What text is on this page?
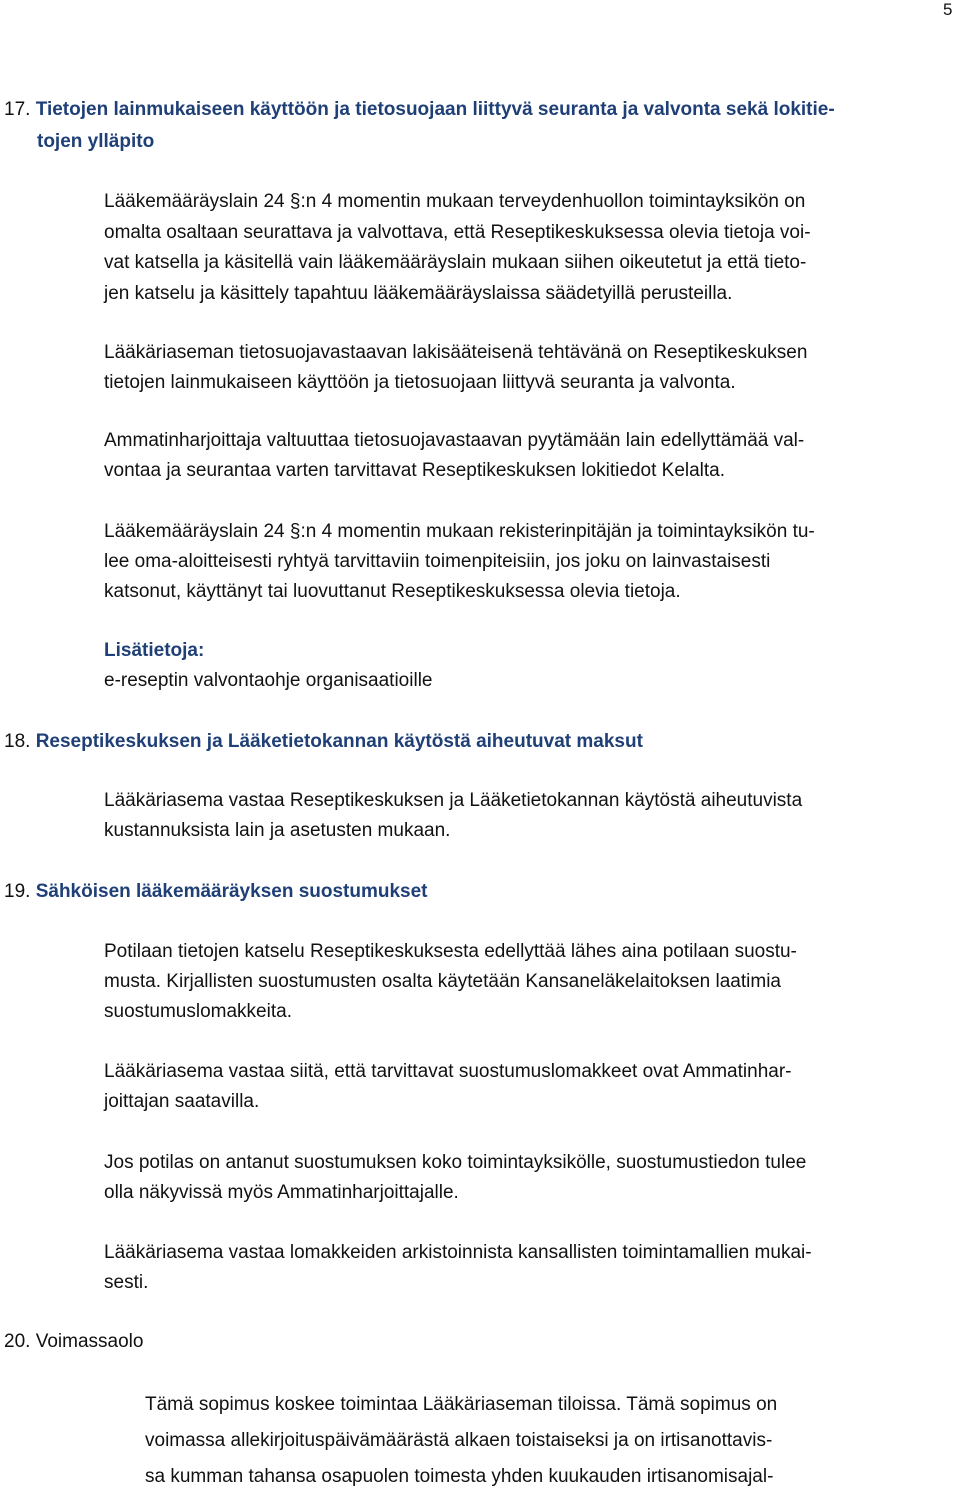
5
17. Tietojen lainmukaiseen käyttöön ja tietosuojaan liittyvä seuranta ja valvonta sekä lokitie-
tojen ylläpito
Lääkemääräyslain 24 §:n 4 momentin mukaan terveydenhuollon toimintayksikön on
omalta osaltaan seurattava ja valvottava, että Reseptikeskuksessa olevia tietoja voi-
vat katsella ja käsitellä vain lääkemääräyslain mukaan siihen oikeutetut ja että tieto-
jen katselu ja käsittely tapahtuu lääkemääräyslaissa säädetyillä perusteilla.
Lääkäriaseman tietosuojavastaavan lakisääteisenä tehtävänä on Reseptikeskuksen
tietojen lainmukaiseen käyttöön ja tietosuojaan liittyvä seuranta ja valvonta.
Ammatinharjoittaja valtuuttaa tietosuojavastaavan pyytämään lain edellyttämää val-
vontaa ja seurantaa varten tarvittavat Reseptikeskuksen lokitiedot Kelalta.
Lääkemääräyslain 24 §:n 4 momentin mukaan rekisterinpitäjän ja toimintayksikön tu-
lee oma-aloitteisesti ryhtyä tarvittaviin toimenpiteisiin, jos joku on lainvastaisesti
katsonut, käyttänyt tai luovuttanut Reseptikeskuksessa olevia tietoja.
Lisätietoja:
e-reseptin valvontaohje organisaatioille
18. Reseptikeskuksen ja Lääketietokannan käytöstä aiheutuvat maksut
Lääkäriasema vastaa Reseptikeskuksen ja Lääketietokannan käytöstä aiheutuvista
kustannuksista lain ja asetusten mukaan.
19. Sähköisen lääkemääräyksen suostumukset
Potilaan tietojen katselu Reseptikeskuksesta edellyttää lähes aina potilaan suostu-
musta. Kirjallisten suostumusten osalta käytetään Kansaneläkelaitoksen laatimia
suostumuslomakkeita.
Lääkäriasema vastaa siitä, että tarvittavat suostumuslomakkeet ovat Ammatinhar-
joittajan saatavilla.
Jos potilas on antanut suostumuksen koko toimintayksikölle, suostumustiedon tulee
olla näkyvissä myös Ammatinharjoittajalle.
Lääkäriasema vastaa lomakkeiden arkistoinnista kansallisten toimintamallien mukai-
sesti.
20. Voimassaolo
Tämä sopimus koskee toimintaa Lääkäriaseman tiloissa. Tämä sopimus on
voimassa allekirjoituspäivämäärästä alkaen toistaiseksi ja on irtisanottavis-
sa kumman tahansa osapuolen toimesta yhden kuukauden irtisanomisajal-
